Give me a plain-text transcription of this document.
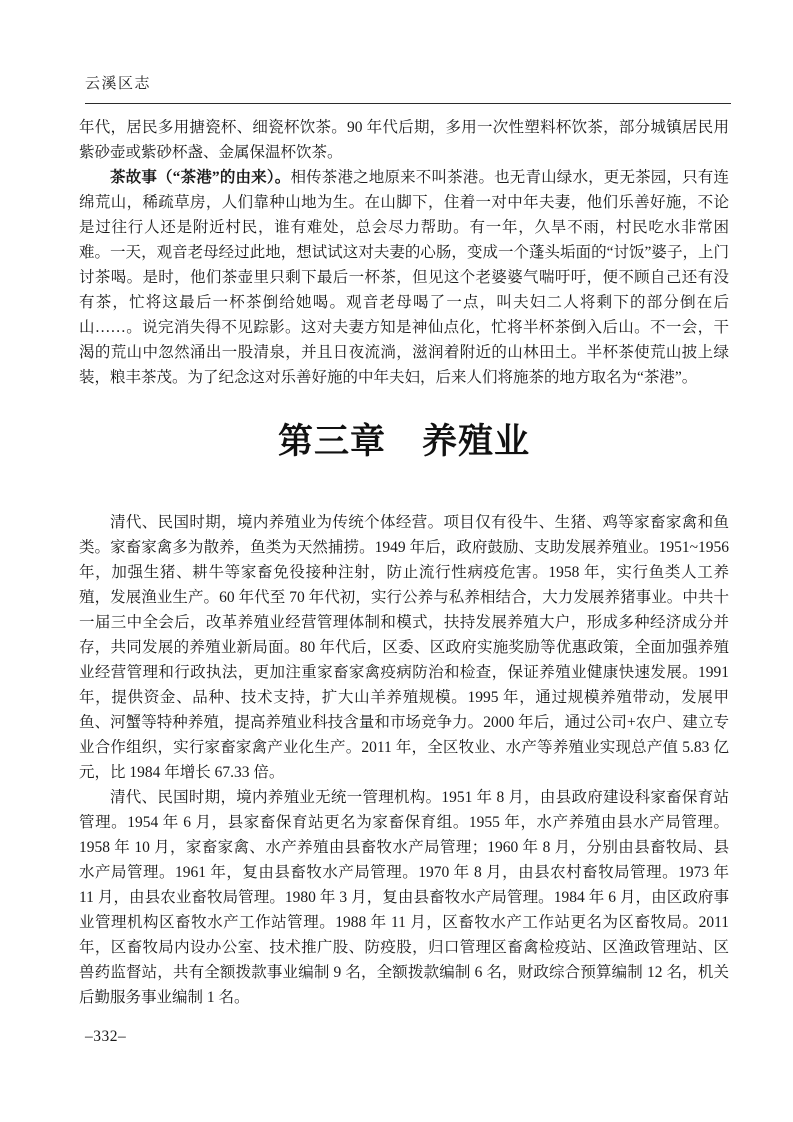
云溪区志

年代，居民多用搪瓷杯、细瓷杯饮茶。90 年代后期，多用一次性塑料杯饮茶，部分城镇居民用紫砂壶或紫砂杯盏、金属保温杯饮茶。

茶故事（“茶港”的由来）。相传茶港之地原来不叫茶港。也无青山绿水，更无茶园，只有连绵荒山，稀疏草房，人们靠种山地为生。在山脚下，住着一对中年夫妻，他们乐善好施，不论是过往行人还是附近村民，谁有难处，总会尽力帮助。有一年，久旱不雨，村民吃水非常困难。一天，观音老母经过此地，想试试这对夫妻的心肠，变成一个蓬头垢面的“讨饭”婆子，上门讨茶喝。是时，他们茶壶里只剩下最后一杯茶，但见这个老婆婆气喘吁吁，便不顾自己还有没有茶，忙将这最后一杯茶倒给她喝。观音老母喝了一点，叫夫妇二人将剩下的部分倒在后山……。说完消失得不见踪影。这对夫妻方知是神仙点化，忙将半杯茶倒入后山。不一会，干渴的荒山中忽然涌出一股清泉，并且日夜流淌，滋润着附近的山林田土。半杯茶使荒山披上绿装，粮丰茶茂。为了纪念这对乐善好施的中年夫妇，后来人们将施茶的地方取名为“茶港”。

第三章　养殖业

清代、民国时期，境内养殖业为传统个体经营。项目仅有役牛、生猪、鸡等家畜家禽和鱼类。家畜家禽多为散养，鱼类为天然捕捞。1949 年后，政府鼓励、支助发展养殖业。1951~1956 年，加强生猪、耕牛等家畜免役接种注射，防止流行性病疫危害。1958 年，实行鱼类人工养殖，发展渔业生产。60 年代至 70 年代初，实行公养与私养相结合，大力发展养猪事业。中共十一届三中全会后，改革养殖业经营管理体制和模式，扶持发展养殖大户，形成多种经济成分并存，共同发展的养殖业新局面。80 年代后，区委、区政府实施奖励等优惠政策，全面加强养殖业经营管理和行政执法，更加注重家畜家禽疫病防治和检查，保证养殖业健康快速发展。1991 年，提供资金、品种、技术支持，扩大山羊养殖规模。1995 年，通过规模养殖带动，发展甲鱼、河蟹等特种养殖，提高养殖业科技含量和市场竞争力。2000 年后，通过公司+农户、建立专业合作组织，实行家畜家禽产业化生产。2011 年，全区牧业、水产等养殖业实现总产值 5.83 亿元，比 1984 年增长 67.33 倍。

清代、民国时期，境内养殖业无统一管理机构。1951 年 8 月，由县政府建设科家畜保育站管理。1954 年 6 月，县家畜保育站更名为家畜保育组。1955 年，水产养殖由县水产局管理。1958 年 10 月，家畜家禽、水产养殖由县畜牧水产局管理；1960 年 8 月，分别由县畜牧局、县水产局管理。1961 年，复由县畜牧水产局管理。1970 年 8 月，由县农村畜牧局管理。1973 年 11 月，由县农业畜牧局管理。1980 年 3 月，复由县畜牧水产局管理。1984 年 6 月，由区政府事业管理机构区畜牧水产工作站管理。1988 年 11 月，区畜牧水产工作站更名为区畜牧局。2011 年，区畜牧局内设办公室、技术推广股、防疫股，归口管理区畜禽检疫站、区渔政管理站、区兽药监督站，共有全额拨款事业编制 9 名，全额拨款编制 6 名，财政综合预算编制 12 名，机关后勤服务事业编制 1 名。

–332–
